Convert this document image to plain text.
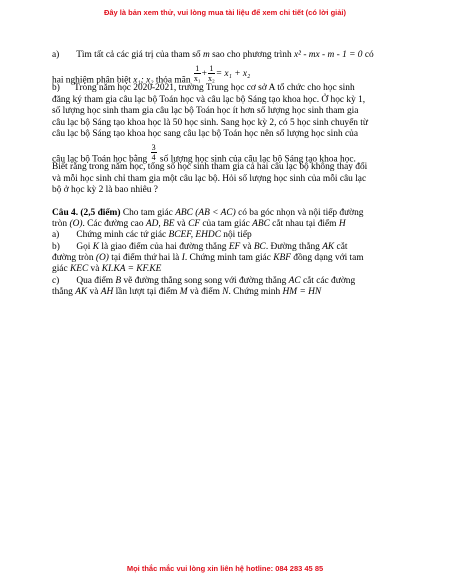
Đây là bản xem thử, vui lòng mua tài liệu để xem chi tiết (có lời giải)
a) Tìm tất cả các giá trị của tham số m sao cho phương trình x² - mx - m - 1 = 0 có
hai nghiệm phân biệt x₁; x₂ thỏa mãn $\frac{1}{\text{x₁}} + \frac{1}{\text{x₂}} = x_1 + x_2$
b) Trong năm học 2020-2021, trường Trung học cơ sở A tổ chức cho học sinh
đăng ký tham gia câu lạc bộ Toán học và câu lạc bộ Sáng tạo khoa học. Ở học kỳ 1,
số lượng học sinh tham gia câu lạc bộ Toán học ít hơn số lượng học sinh tham gia
câu lạc bộ Sáng tạo khoa học là 50 học sinh. Sang học kỳ 2, có 5 học sinh chuyển từ
câu lạc bộ Sáng tạo khoa học sang câu lạc bộ Toán học nên số lượng học sinh của
câu lạc bộ Toán học bằng $\frac{3}{4}$ số lượng học sinh của câu lạc bộ Sáng tạo khoa học.
Biết rằng trong năm học, tổng số học sinh tham gia cả hai câu lạc bộ không thay đổi
và mỗi học sinh chỉ tham gia một câu lạc bộ. Hỏi số lượng học sinh của mỗi câu lạc
bộ ở học kỳ 2 là bao nhiêu ?
Câu 4. (2,5 điểm) Cho tam giác ABC (AB < AC) có ba góc nhọn và nội tiếp đường
tròn (O). Các đường cao AD, BE và CF của tam giác ABC cắt nhau tại điểm H
a) Chứng minh các tứ giác BCEF, EHDC nội tiếp
b) Gọi K là giao điểm của hai đường thẳng EF và BC. Đường thẳng AK cắt
đường tròn (O) tại điểm thứ hai là I. Chứng minh tam giác KBF đồng dạng với tam
giác KEC và KI.KA = KF.KE
c) Qua điểm B vẽ đường thẳng song song với đường thẳng AC cắt các đường
thẳng AK và AH lần lượt tại điểm M và điểm N. Chứng minh HM = HN
Mọi thắc mắc vui lòng xin liên hệ hotline: 084 283 45 85
